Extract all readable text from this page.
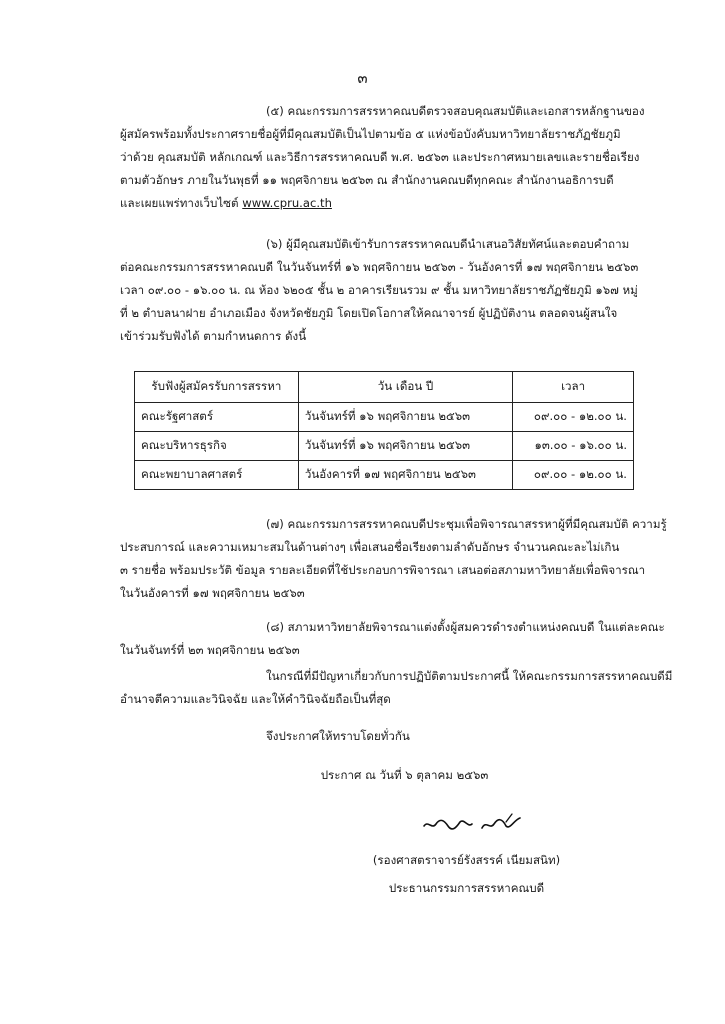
๓
(๕) คณะกรรมการสรรหาคณบดีตรวจสอบคุณสมบัติและเอกสารหลักฐานของ
ผู้สมัครพร้อมทั้งประกาศรายชื่อผู้ที่มีคุณสมบัติเป็นไปตามข้อ ๕ แห่งข้อบังคับมหาวิทยาลัยราชภัฏชัยภูมิ
ว่าด้วย คุณสมบัติ หลักเกณฑ์ และวิธีการสรรหาคณบดี พ.ศ. ๒๕๖๓ และประกาศหมายเลขและรายชื่อเรียง
ตามตัวอักษร ภายในวันพุธที่ ๑๑ พฤศจิกายน ๒๕๖๓ ณ สำนักงานคณบดีทุกคณะ สำนักงานอธิการบดี
และเผยแพร่ทางเว็บไซต์ www.cpru.ac.th
(๖) ผู้มีคุณสมบัติเข้ารับการสรรหาคณบดีนำเสนอวิสัยทัศน์และตอบคำถาม
ต่อคณะกรรมการสรรหาคณบดี ในวันจันทร์ที่ ๑๖ พฤศจิกายน ๒๕๖๓ - วันอังคารที่ ๑๗ พฤศจิกายน ๒๕๖๓
เวลา ๐๙.๐๐ - ๑๖.๐๐ น. ณ ห้อง ๖๒๐๕ ชั้น ๒ อาคารเรียนรวม ๙ ชั้น มหาวิทยาลัยราชภัฏชัยภูมิ ๑๖๗ หมู่
ที่ ๒ ตำบลนาฝาย อำเภอเมือง จังหวัดชัยภูมิ โดยเปิดโอกาสให้คณาจารย์ ผู้ปฏิบัติงาน ตลอดจนผู้สนใจ
เข้าร่วมรับฟังได้ ตามกำหนดการ ดังนี้
รับฟังผู้สมัครรับการสรรหา	วัน เดือน ปี	เวลา
คณะรัฐศาสตร์	วันจันทร์ที่ ๑๖ พฤศจิกายน ๒๕๖๓	๐๙.๐๐ - ๑๒.๐๐ น.
คณะบริหารธุรกิจ	วันจันทร์ที่ ๑๖ พฤศจิกายน ๒๕๖๓	๑๓.๐๐ - ๑๖.๐๐ น.
คณะพยาบาลศาสตร์	วันอังคารที่ ๑๗ พฤศจิกายน ๒๕๖๓	๐๙.๐๐ - ๑๒.๐๐ น.
(๗) คณะกรรมการสรรหาคณบดีประชุมเพื่อพิจารณาสรรหาผู้ที่มีคุณสมบัติ ความรู้
ประสบการณ์ และความเหมาะสมในด้านต่างๆ เพื่อเสนอชื่อเรียงตามลำดับอักษร จำนวนคณะละไม่เกิน
๓ รายชื่อ พร้อมประวัติ ข้อมูล รายละเอียดที่ใช้ประกอบการพิจารณา เสนอต่อสภามหาวิทยาลัยเพื่อพิจารณา
ในวันอังคารที่ ๑๗ พฤศจิกายน ๒๕๖๓
(๘) สภามหาวิทยาลัยพิจารณาแต่งตั้งผู้สมควรดำรงตำแหน่งคณบดี ในแต่ละคณะ
ในวันจันทร์ที่ ๒๓ พฤศจิกายน ๒๕๖๓
ในกรณีที่มีปัญหาเกี่ยวกับการปฏิบัติตามประกาศนี้ ให้คณะกรรมการสรรหาคณบดีมี
อำนาจตีความและวินิจฉัย และให้คำวินิจฉัยถือเป็นที่สุด
จึงประกาศให้ทราบโดยทั่วกัน
ประกาศ ณ วันที่ ๖ ตุลาคม ๒๕๖๓
(รองศาสตราจารย์รังสรรค์ เนียมสนิท)
ประธานกรรมการสรรหาคณบดี
